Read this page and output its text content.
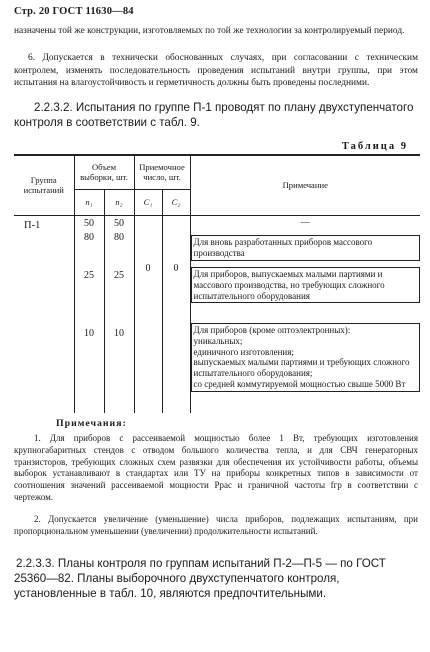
Стр. 20 ГОСТ 11630—84
назначены той же конструкции, изготовляемых по той же технологии за контролируемый период.
6. Допускается в технически обоснованных случаях, при согласовании с техническим контролем, изменять последовательность проведения испытаний внутри группы, при этом испытания на влагоустойчивость и герметичность должны быть проведены последними.
2.2.3.2. Испытания по группе П-1 проводят по плану двухступенчатого контроля в соответствии с табл. 9.
Таблица 9
Группа испытаний	Объем выборки, шт.		Приемочное число, шт.		Примечание
	n₁	n₂	C₁	C₂	
П-1	50	50	0	0	—
	80	80			Для вновь разработанных приборов массового производства

	25	25			Для приборов, выпускаемых малыми партиями и массового производства, но требующих сложного испытательного оборудования

	10	10			Для приборов (кроме оптоэлектронных):
уникальных;
единичного изготовления;
выпускаемых малыми партиями и требующих сложного испытательного оборудования;
со средней коммутируемой мощностью свыше 5000 Вт
Примечания:
1. Для приборов с рассеиваемой мощностью более 1 Вт, требующих изготовления крупногабаритных стендов с отводом большого количества тепла, и для СВЧ генераторных транзисторов, требующих сложных схем развязки для обеспечения их устойчивости работы, объемы выборок устанавливают в стандартах или ТУ на приборы конкретных типов в зависимости от соотношения значений рассеиваемой мощности Pрас и граничной частоты fгр в соответствии с чертежом.
2. Допускается увеличение (уменьшение) числа приборов, подлежащих испытаниям, при пропорциональном уменьшении (увеличении) продолжительности испытаний.
2.2.3.3. Планы контроля по группам испытаний П-2—П-5 — по ГОСТ 25360—82. Планы выборочного двухступенчатого контроля, установленные в табл. 10, являются предпочтительными.
